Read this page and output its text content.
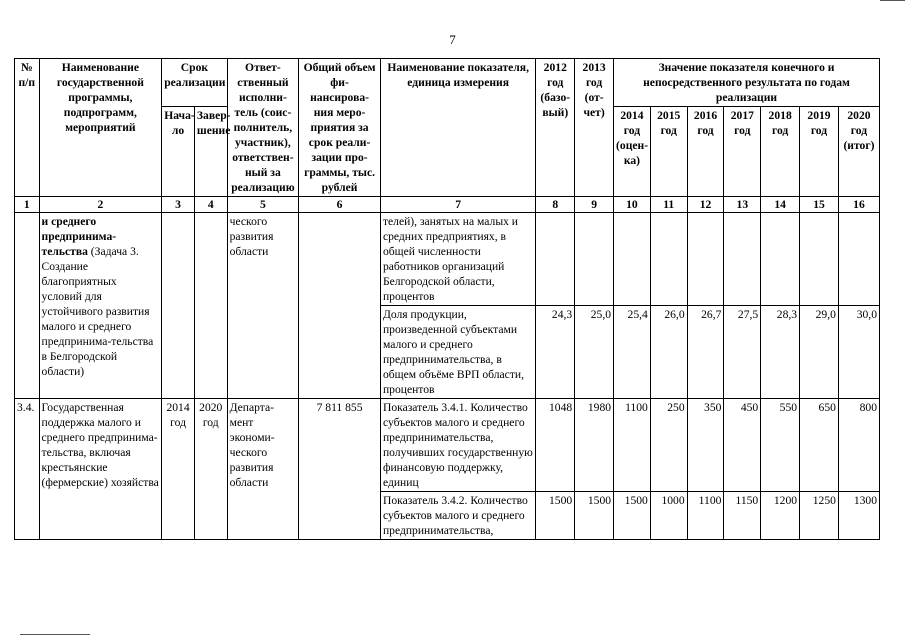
7
№ п/п	Наименование государственной программы, подпрограмм, мероприятий	Срок реализации		Ответ-ственный исполни-тель (соис-полнитель, участник), ответствен-ный за реализацию	Общий объем фи-нансирова-ния меро-приятия за срок реали-зации про-граммы, тыс. рублей	Наименование показателя, единица измерения	2012 год (базо-вый)	2013 год (от-чет)	Значение показателя конечного и непосредственного результата по годам реализации						
		Нача-ло	Завер-шение						2014 год (оцен-ка)	2015 год	2016 год	2017 год	2018 год	2019 год	2020 год (итог)
1	2	3	4	5	6	7	8	9	10	11	12	13	14	15	16
	и среднего предпринима-тельства (Задача 3. Создание благоприятных условий для устойчивого развития малого и среднего предпринима-тельства в Белгородской области)			ческого развития области		телей), занятых на малых и средних предприятиях, в общей численности работников организаций Белгородской области, процентов									
						Доля продукции, произведенной субъектами малого и среднего предпринимательства, в общем объёме ВРП области, процентов	24,3	25,0	25,4	26,0	26,7	27,5	28,3	29,0	30,0
3.4.	Государственная поддержка малого и среднего предпринима-тельства, включая крестьянские (фермерские) хозяйства	2014 год	2020 год	Департа-мент экономи-ческого развития области	7 811 855	Показатель 3.4.1. Количество субъектов малого и среднего предпринимательства, получивших государственную финансовую поддержку, единиц	1048	1980	1100	250	350	450	550	650	800
						Показатель 3.4.2. Количество субъектов малого и среднего предпринимательства,	1500	1500	1500	1000	1100	1150	1200	1250	1300
